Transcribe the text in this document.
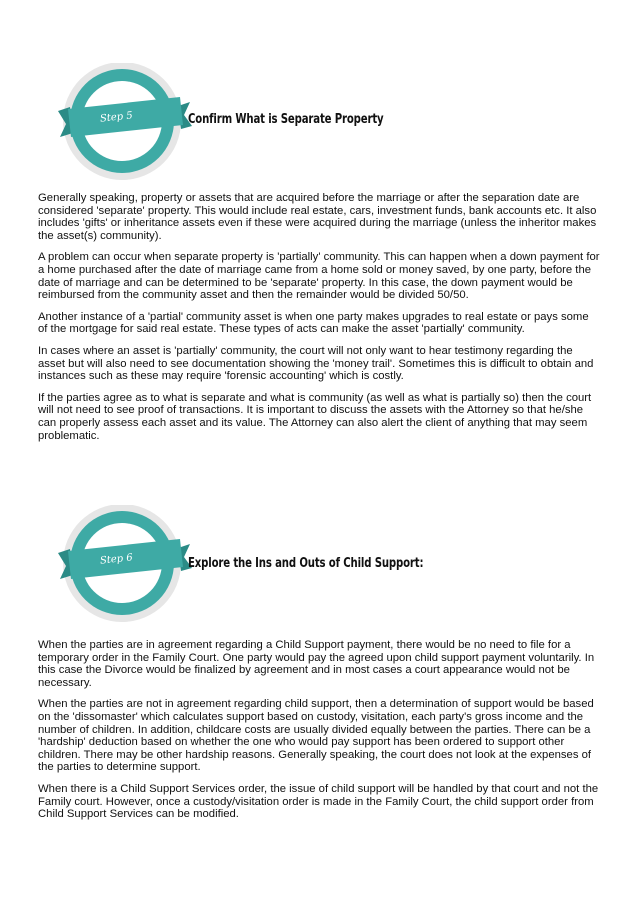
Step 5	Confirm What is Separate Property

Generally speaking, property or assets that are acquired before the marriage or after the separation date are considered 'separate' property. This would include real estate, cars, investment funds, bank accounts etc. It also includes 'gifts' or inheritance assets even if these were acquired during the marriage (unless the inheritor makes the asset(s) community).

A problem can occur when separate property is 'partially' community. This can happen when a down payment for a home purchased after the date of marriage came from a home sold or money saved, by one party, before the date of marriage and can be determined to be 'separate' property. In this case, the down payment would be reimbursed from the community asset and then the remainder would be divided 50/50.

Another instance of a 'partial' community asset is when one party makes upgrades to real estate or pays some of the mortgage for said real estate. These types of acts can make the asset 'partially' community.

In cases where an asset is 'partially' community, the court will not only want to hear testimony regarding the asset but will also need to see documentation showing the 'money trail'. Sometimes this is difficult to obtain and instances such as these may require 'forensic accounting' which is costly.

If the parties agree as to what is separate and what is community (as well as what is partially so) then the court will not need to see proof of transactions. It is important to discuss the assets with the Attorney so that he/she can properly assess each asset and its value. The Attorney can also alert the client of anything that may seem problematic.

Step 6	Explore the Ins and Outs of Child Support:

When the parties are in agreement regarding a Child Support payment, there would be no need to file for a temporary order in the Family Court. One party would pay the agreed upon child support payment voluntarily. In this case the Divorce would be finalized by agreement and in most cases a court appearance would not be necessary.

When the parties are not in agreement regarding child support, then a determination of support would be based on the 'dissomaster' which calculates support based on custody, visitation, each party's gross income and the number of children. In addition, childcare costs are usually divided equally between the parties. There can be a 'hardship' deduction based on whether the one who would pay support has been ordered to support other children. There may be other hardship reasons. Generally speaking, the court does not look at the expenses of the parties to determine support.

When there is a Child Support Services order, the issue of child support will be handled by that court and not the Family court. However, once a custody/visitation order is made in the Family Court, the child support order from Child Support Services can be modified.
